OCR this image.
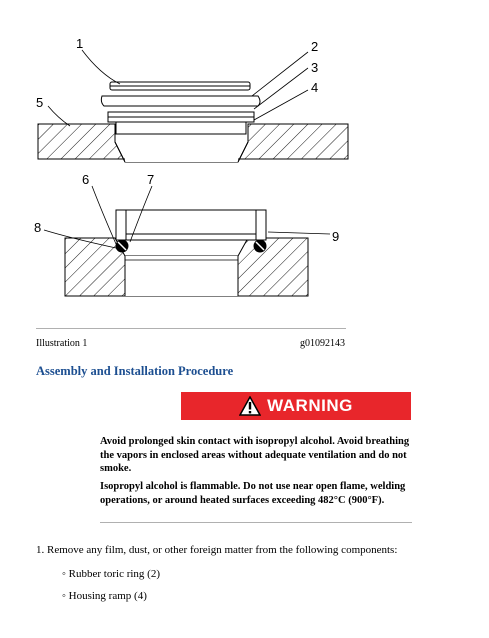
1	2
3
4
5
6	7
8
9
Illustration 1	g01092143
Assembly and Installation Procedure
WARNING
Avoid prolonged skin contact with isopropyl alcohol. Avoid breathing the vapors in enclosed areas without adequate ventilation and do not smoke.
Isopropyl alcohol is flammable. Do not use near open flame, welding operations, or around heated surfaces exceeding 482°C (900°F).
1. Remove any film, dust, or other foreign matter from the following components:
◦ Rubber toric ring (2)
◦ Housing ramp (4)
